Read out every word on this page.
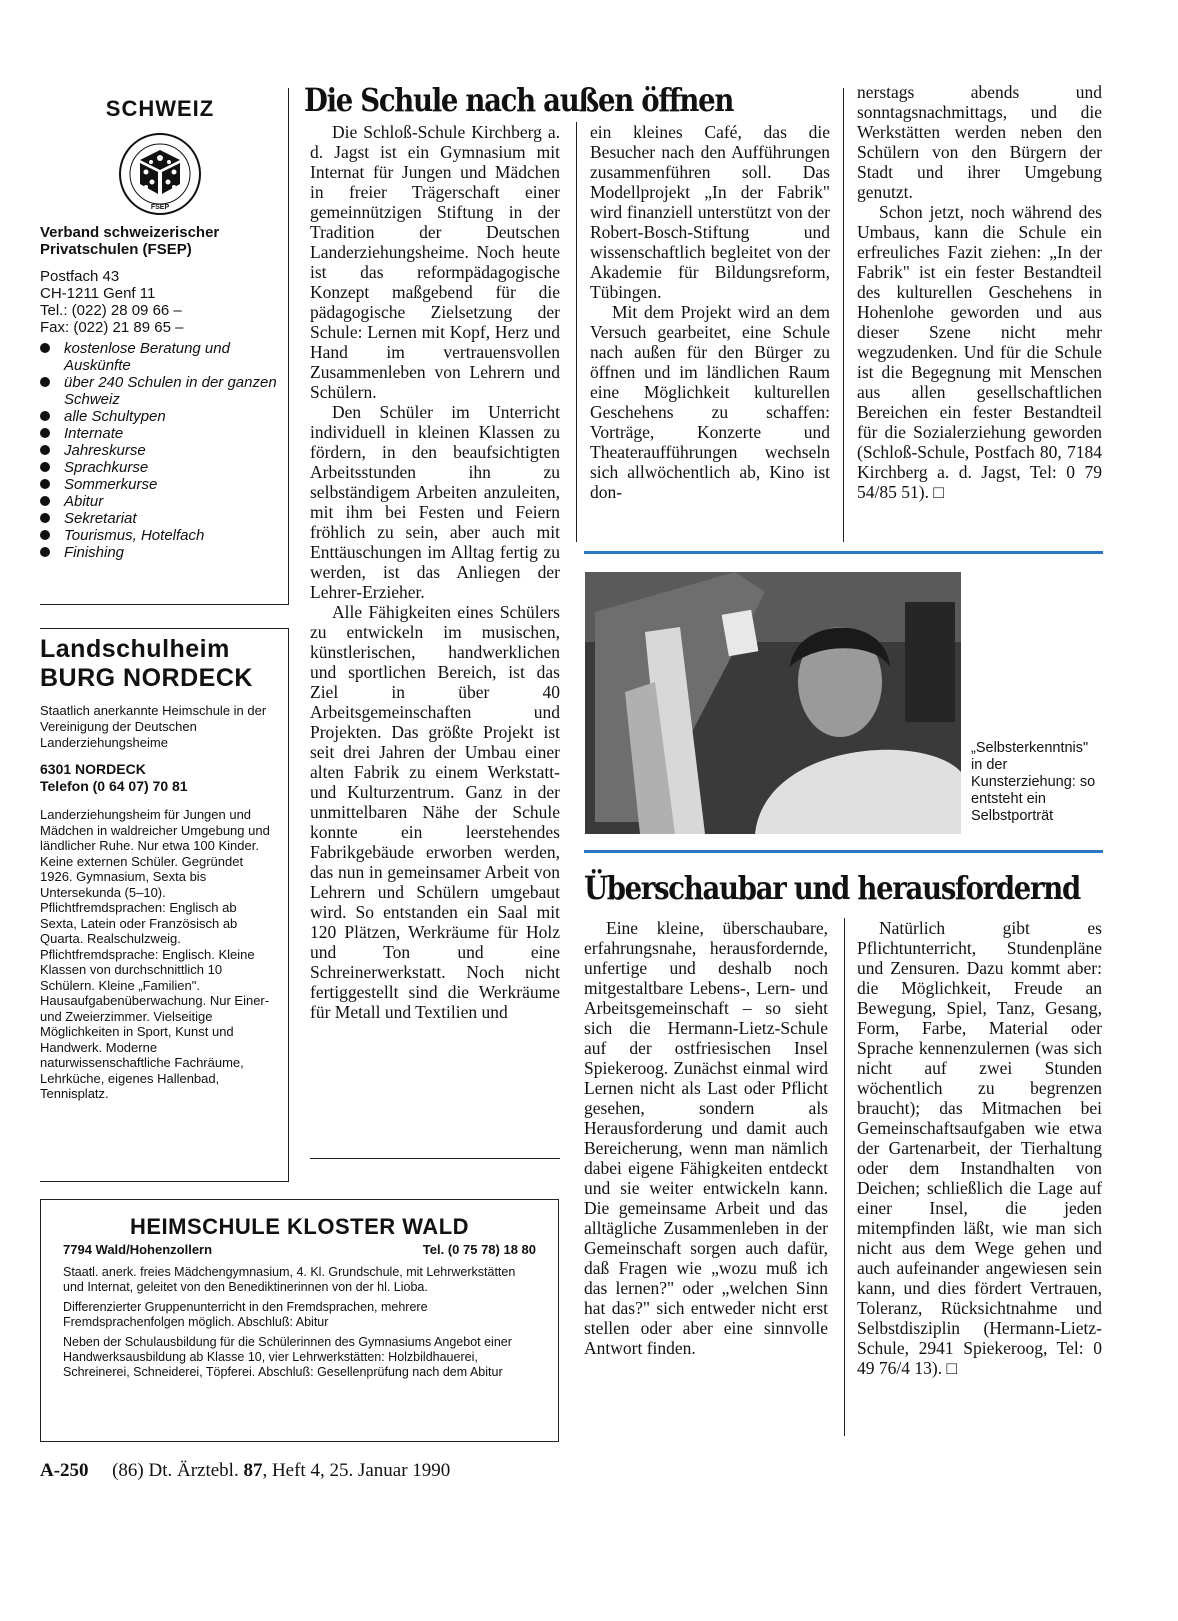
SCHWEIZ
FSEP
Verband schweizerischer
Privatschulen (FSEP)
Postfach 43
CH-1211 Genf 11
Tel.: (022) 28 09 66 –
Fax: (022) 21 89 65 –
kostenlose Beratung und Auskünfte
über 240 Schulen in der ganzen Schweiz
alle Schultypen
Internate
Jahreskurse
Sprachkurse
Sommerkurse
Abitur
Sekretariat
Tourismus, Hotelfach
Finishing
Landschulheim
BURG NORDECK
Staatlich anerkannte Heimschule in der Vereinigung der Deutschen Landerziehungsheime
6301 NORDECK
Telefon (0 64 07) 70 81
Landerziehungsheim für Jungen und Mädchen in waldreicher Umgebung und ländlicher Ruhe. Nur etwa 100 Kinder. Keine externen Schüler. Gegründet 1926. Gymnasium, Sexta bis Untersekunda (5–10). Pflichtfremdsprachen: Englisch ab Sexta, Latein oder Französisch ab Quarta. Realschulzweig. Pflichtfremdsprache: Englisch. Kleine Klassen von durchschnittlich 10 Schülern. Kleine „Familien". Hausaufgabenüberwachung. Nur Einer- und Zweierzimmer. Vielseitige Möglichkeiten in Sport, Kunst und Handwerk. Moderne naturwissenschaftliche Fachräume, Lehrküche, eigenes Hallenbad, Tennisplatz.
HEIMSCHULE KLOSTER WALD
7794 Wald/Hohenzollern	Tel. (0 75 78) 18 80

Staatl. anerk. freies Mädchengymnasium, 4. Kl. Grundschule, mit Lehrwerkstätten und Internat, geleitet von den Benediktinerinnen von der hl. Lioba.

Differenzierter Gruppenunterricht in den Fremdsprachen, mehrere Fremdsprachenfolgen möglich. Abschluß: Abitur

Neben der Schulausbildung für die Schülerinnen des Gymnasiums Angebot einer Handwerksausbildung ab Klasse 10, vier Lehrwerkstätten: Holzbildhauerei, Schreinerei, Schneiderei, Töpferei. Abschluß: Gesellenprüfung nach dem Abitur

Die Schule nach außen öffnen

Die Schloß-Schule Kirchberg a. d. Jagst ist ein Gymnasium mit Internat für Jungen und Mädchen in freier Trägerschaft einer gemeinnützigen Stiftung in der Tradition der Deutschen Landerziehungsheime. Noch heute ist das reformpädagogische Konzept maßgebend für die pädagogische Zielsetzung der Schule: Lernen mit Kopf, Herz und Hand im vertrauensvollen Zusammenleben von Lehrern und Schülern.

Den Schüler im Unterricht individuell in kleinen Klassen zu fördern, in den beaufsichtigten Arbeitsstunden ihn zu selbständigem Arbeiten anzuleiten, mit ihm bei Festen und Feiern fröhlich zu sein, aber auch mit Enttäuschungen im Alltag fertig zu werden, ist das Anliegen der Lehrer-Erzieher.

Alle Fähigkeiten eines Schülers zu entwickeln im musischen, künstlerischen, handwerklichen und sportlichen Bereich, ist das Ziel in über 40 Arbeitsgemeinschaften und Projekten. Das größte Projekt ist seit drei Jahren der Umbau einer alten Fabrik zu einem Werkstatt- und Kulturzentrum. Ganz in der unmittelbaren Nähe der Schule konnte ein leerstehendes Fabrikgebäude erworben werden, das nun in gemeinsamer Arbeit von Lehrern und Schülern umgebaut wird. So entstanden ein Saal mit 120 Plätzen, Werkräume für Holz und Ton und eine Schreinerwerkstatt. Noch nicht fertiggestellt sind die Werkräume für Metall und Textilien und

ein kleines Café, das die Besucher nach den Aufführungen zusammenführen soll. Das Modellprojekt „In der Fabrik" wird finanziell unterstützt von der Robert-Bosch-Stiftung und wissenschaftlich begleitet von der Akademie für Bildungsreform, Tübingen.

Mit dem Projekt wird an dem Versuch gearbeitet, eine Schule nach außen für den Bürger zu öffnen und im ländlichen Raum eine Möglichkeit kulturellen Geschehens zu schaffen: Vorträge, Konzerte und Theateraufführungen wechseln sich allwöchentlich ab, Kino ist don-

nerstags abends und sonntagsnachmittags, und die Werkstätten werden neben den Schülern von den Bürgern der Stadt und ihrer Umgebung genutzt.

Schon jetzt, noch während des Umbaus, kann die Schule ein erfreuliches Fazit ziehen: „In der Fabrik" ist ein fester Bestandteil des kulturellen Geschehens in Hohenlohe geworden und aus dieser Szene nicht mehr wegzudenken. Und für die Schule ist die Begegnung mit Menschen aus allen gesellschaftlichen Bereichen ein fester Bestandteil für die Sozialerziehung geworden (Schloß-Schule, Postfach 80, 7184 Kirchberg a. d. Jagst, Tel: 0 79 54/85 51). □

„Selbsterkenntnis" in der Kunsterziehung: so entsteht ein Selbstporträt
Überschaubar und herausfordernd

Eine kleine, überschaubare, erfahrungsnahe, herausfordernde, unfertige und deshalb noch mitgestaltbare Lebens-, Lern- und Arbeitsgemeinschaft – so sieht sich die Hermann-Lietz-Schule auf der ostfriesischen Insel Spiekeroog. Zunächst einmal wird Lernen nicht als Last oder Pflicht gesehen, sondern als Herausforderung und damit auch Bereicherung, wenn man nämlich dabei eigene Fähigkeiten entdeckt und sie weiter entwickeln kann. Die gemeinsame Arbeit und das alltägliche Zusammenleben in der Gemeinschaft sorgen auch dafür, daß Fragen wie „wozu muß ich das lernen?" oder „welchen Sinn hat das?" sich entweder nicht erst stellen oder aber eine sinnvolle Antwort finden.

Natürlich gibt es Pflichtunterricht, Stundenpläne und Zensuren. Dazu kommt aber: die Möglichkeit, Freude an Bewegung, Spiel, Tanz, Gesang, Form, Farbe, Material oder Sprache kennenzulernen (was sich nicht auf zwei Stunden wöchentlich zu begrenzen braucht); das Mitmachen bei Gemeinschaftsaufgaben wie etwa der Gartenarbeit, der Tierhaltung oder dem Instandhalten von Deichen; schließlich die Lage auf einer Insel, die jeden mitempfinden läßt, wie man sich nicht aus dem Wege gehen und auch aufeinander angewiesen sein kann, und dies fördert Vertrauen, Toleranz, Rücksichtnahme und Selbstdisziplin (Hermann-Lietz-Schule, 2941 Spiekeroog, Tel: 0 49 76/4 13). □

A-250 (86) Dt. Ärztebl. 87, Heft 4, 25. Januar 1990
